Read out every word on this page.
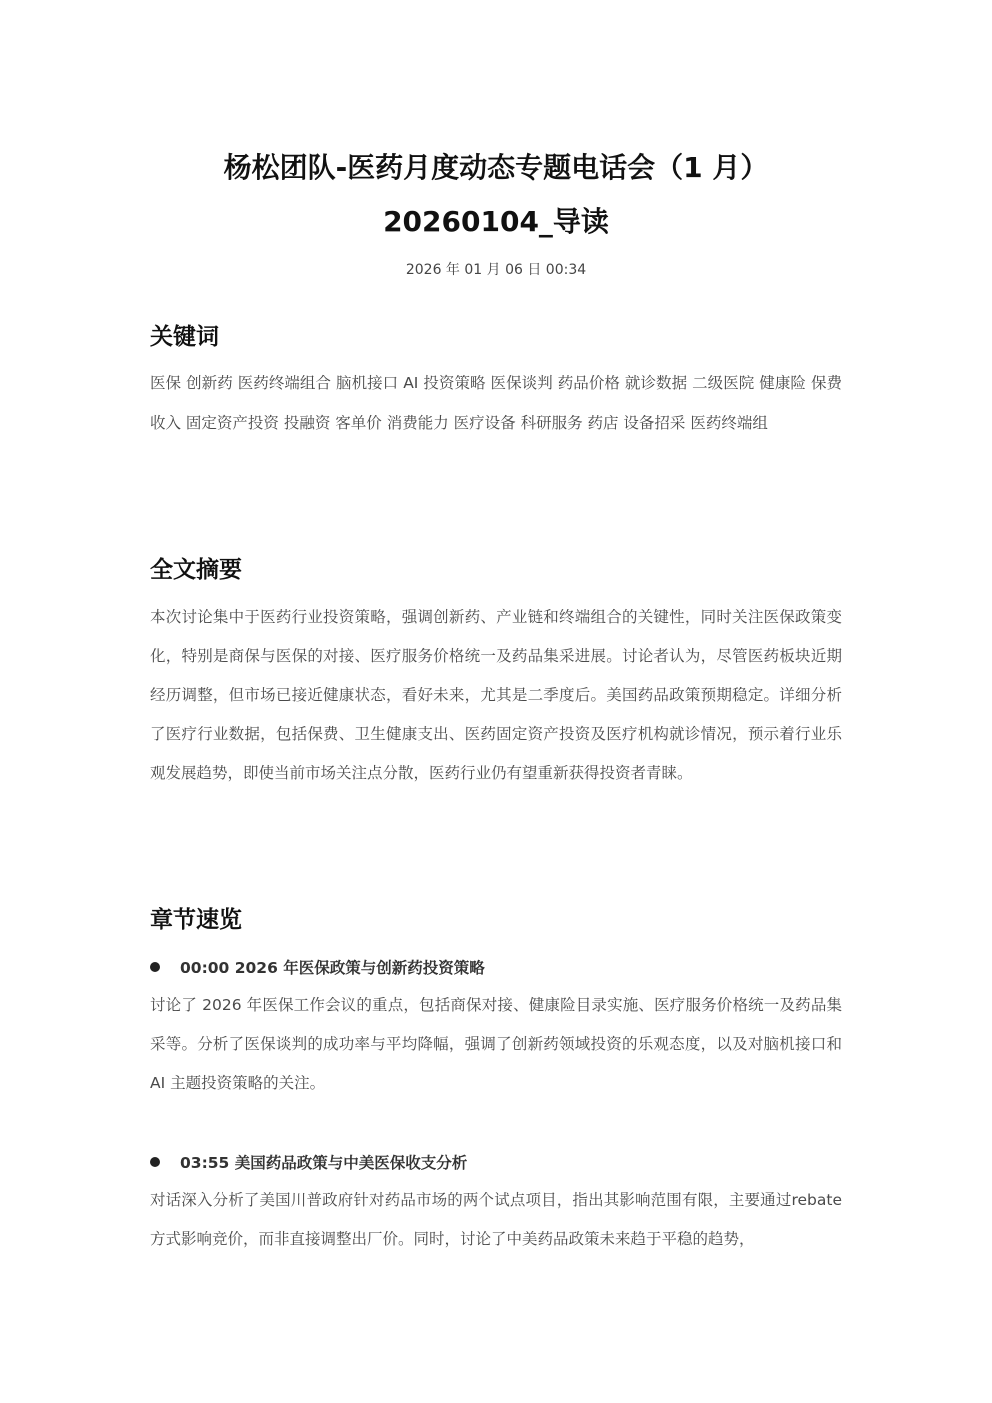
杨松团队-医药月度动态专题电话会（1 月）
20260104_导读
2026 年 01 月 06 日 00:34
关键词
医保 创新药 医药终端组合 脑机接口 AI 投资策略 医保谈判 药品价格 就诊数据 二级医院 健康险 保费收入 固定资产投资 投融资 客单价 消费能力 医疗设备 科研服务 药店 设备招采 医药终端组
全文摘要
本次讨论集中于医药行业投资策略，强调创新药、产业链和终端组合的关键性，同时关注医保政策变化，特别是商保与医保的对接、医疗服务价格统一及药品集采进展。讨论者认为，尽管医药板块近期经历调整，但市场已接近健康状态，看好未来，尤其是二季度后。美国药品政策预期稳定。详细分析了医疗行业数据，包括保费、卫生健康支出、医药固定资产投资及医疗机构就诊情况，预示着行业乐观发展趋势，即使当前市场关注点分散，医药行业仍有望重新获得投资者青睐。
章节速览
00:00 2026 年医保政策与创新药投资策略
讨论了 2026 年医保工作会议的重点，包括商保对接、健康险目录实施、医疗服务价格统一及药品集采等。分析了医保谈判的成功率与平均降幅，强调了创新药领域投资的乐观态度，以及对脑机接口和 AI 主题投资策略的关注。
03:55 美国药品政策与中美医保收支分析
对话深入分析了美国川普政府针对药品市场的两个试点项目，指出其影响范围有限，主要通过rebate 方式影响竞价，而非直接调整出厂价。同时，讨论了中美药品政策未来趋于平稳的趋势，
